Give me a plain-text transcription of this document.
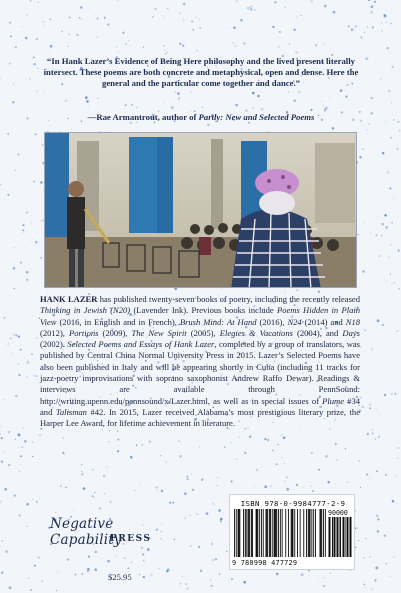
“In Hank Lazer’s Evidence of Being Here philosophy and the lived present literally intersect. These poems are both concrete and metaphysical, open and dense. Here the general and the particular come together and dance.”
—Rae Armantrout, author of Partly: New and Selected Poems
HANK LAZER has published twenty-seven books of poetry, including the recently released Thinking in Jewish (N20) (Lavender Ink). Previous books include Poems Hidden in Plain View (2016, in English and in French), Brush Mind: At Hand (2016), N24 (2014) and N18 (2012), Portions (2009), The New Spirit (2005), Elegies & Vacations (2004), and Days (2002). Selected Poems and Essays of Hank Lazer, completed by a group of translators, was published by Central China Normal University Press in 2015. Lazer’s Selected Poems have also been published in Italy and will be appearing shortly in Cuba (including 11 tracks for jazz-poetry improvisations with soprano saxophonist Andrew Raffo Dewar). Readings & interviews are available through PennSound: http://writing.upenn.edu/pennsound/x/Lazer.html, as well as in special issues of Plume #34 and Talisman #42. In 2015, Lazer received Alabama’s most prestigious literary prize, the Harper Lee Award, for lifetime achievement in literature.
ISBN 978-0-9984777-2-9
90000
9 780998 477729
Negative Capability
PRESS
$25.95
